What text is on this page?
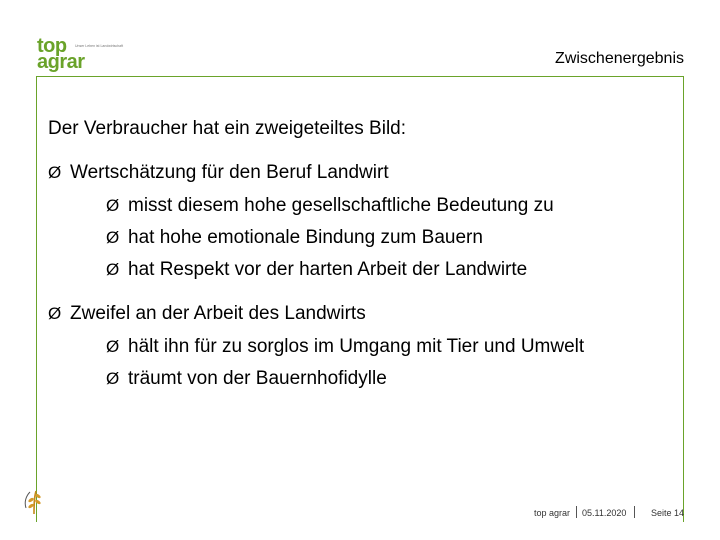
top Unser Leben ist Landwirtschaft
agrar	Zwischenergebnis
Der Verbraucher hat ein zweigeteiltes Bild:
Ø Wertschätzung für den Beruf Landwirt
Ø misst diesem hohe gesellschaftliche Bedeutung zu
Ø hat hohe emotionale Bindung zum Bauern
Ø hat Respekt vor der harten Arbeit der Landwirte
Ø Zweifel an der Arbeit des Landwirts
Ø hält ihn für zu sorglos im Umgang mit Tier und Umwelt
Ø träumt von der Bauernhofidylle
top agrar 05.11.2020	Seite 14
